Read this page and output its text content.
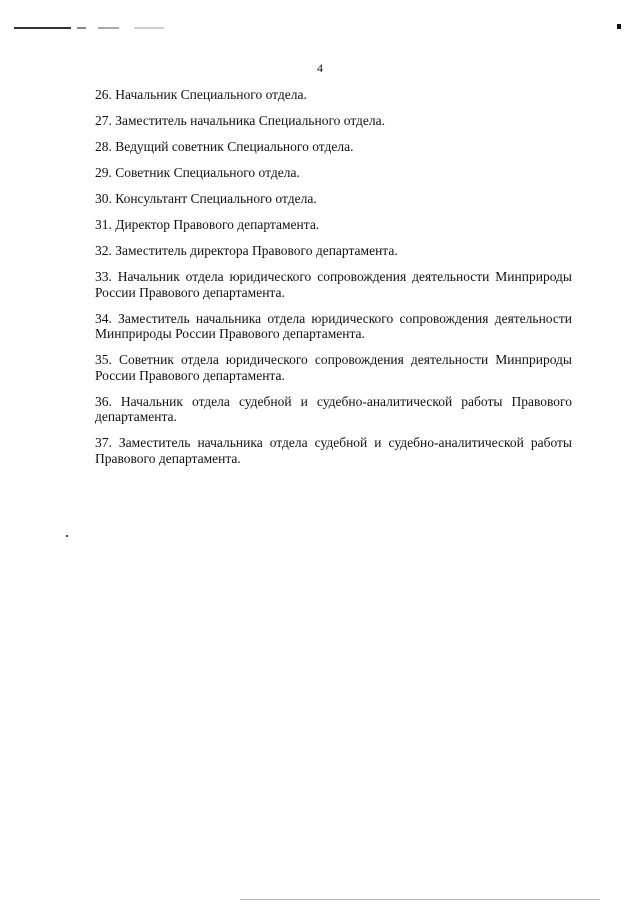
4
26. Начальник Специального отдела.
27. Заместитель начальника Специального отдела.
28. Ведущий советник Специального отдела.
29. Советник Специального отдела.
30. Консультант Специального отдела.
31. Директор Правового департамента.
32. Заместитель директора Правового департамента.
33. Начальник отдела юридического сопровождения деятельности Минприроды России Правового департамента.
34. Заместитель начальника отдела юридического сопровождения деятельности Минприроды России Правового департамента.
35. Советник отдела юридического сопровождения деятельности Минприроды России Правового департамента.
36. Начальник отдела судебной и судебно-аналитической работы Правового департамента.
37. Заместитель начальника отдела судебной и судебно-аналитической работы Правового департамента.
